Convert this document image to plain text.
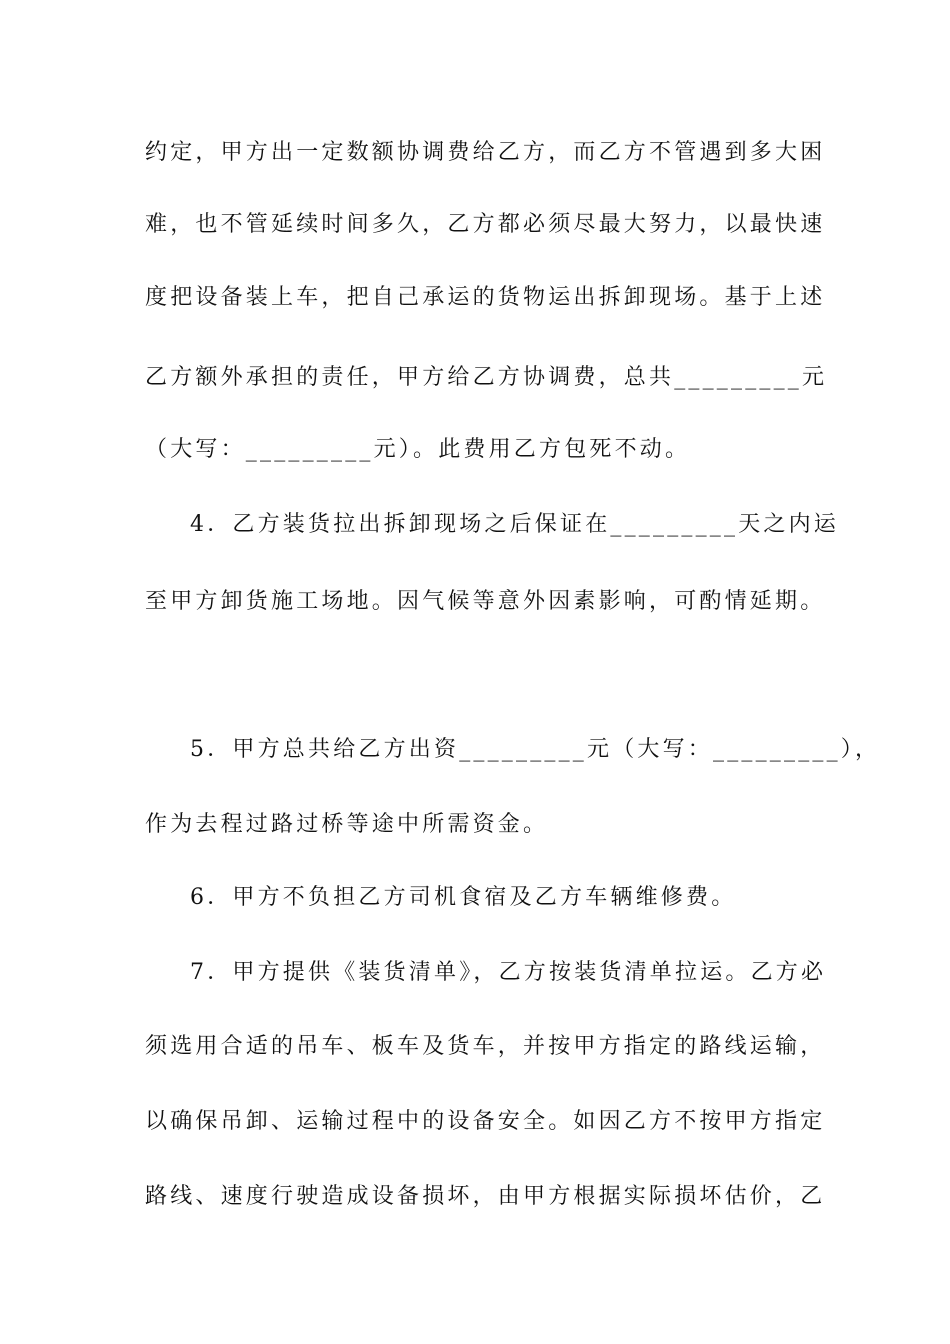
约定，甲方出一定数额协调费给乙方，而乙方不管遇到多大困
难，也不管延续时间多久，乙方都必须尽最大努力，以最快速
度把设备装上车，把自己承运的货物运出拆卸现场。基于上述
乙方额外承担的责任，甲方给乙方协调费，总共_________元
（大写：_________元）。此费用乙方包死不动。
4．乙方装货拉出拆卸现场之后保证在_________天之内运
至甲方卸货施工场地。因气候等意外因素影响，可酌情延期。
5．甲方总共给乙方出资_________元（大写：_________），
作为去程过路过桥等途中所需资金。
6．甲方不负担乙方司机食宿及乙方车辆维修费。
7．甲方提供《装货清单》，乙方按装货清单拉运。乙方必
须选用合适的吊车、板车及货车，并按甲方指定的路线运输，
以确保吊卸、运输过程中的设备安全。如因乙方不按甲方指定
路线、速度行驶造成设备损坏，由甲方根据实际损坏估价，乙
